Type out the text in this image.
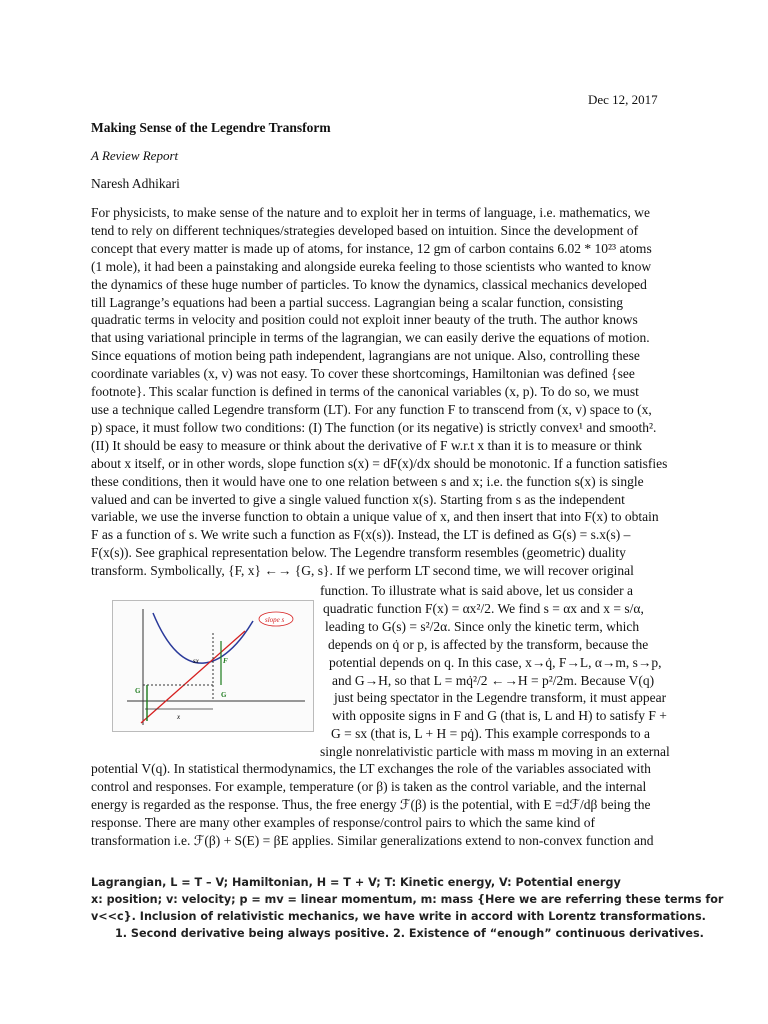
Dec 12, 2017
Making Sense of the Legendre Transform
A Review Report
Naresh Adhikari

For physicists, to make sense of the nature and to exploit her in terms of language, i.e. mathematics, we

tend to rely on different techniques/strategies developed based on intuition. Since the development of

concept that every matter is made up of atoms, for instance, 12 gm of carbon contains 6.02 * 10²³ atoms

(1 mole), it had been a painstaking and alongside eureka feeling to those scientists who wanted to know

the dynamics of these huge number of particles. To know the dynamics, classical mechanics developed

till Lagrange’s equations had been a partial success. Lagrangian being a scalar function, consisting

quadratic terms in velocity and position could not exploit inner beauty of the truth. The author knows

that using variational principle in terms of the lagrangian, we can easily derive the equations of motion.

Since equations of motion being path independent, lagrangians are not unique. Also, controlling these

coordinate variables (x, v) was not easy. To cover these shortcomings, Hamiltonian was defined {see

footnote}. This scalar function is defined in terms of the canonical variables (x, p). To do so, we must

use a technique called Legendre transform (LT). For any function F to transcend from (x, v) space to (x,

p) space, it must follow two conditions: (I) The function (or its negative) is strictly convex¹ and smooth².

(II) It should be easy to measure or think about the derivative of F w.r.t x than it is to measure or think

about x itself, or in other words, slope function s(x) = dF(x)/dx should be monotonic. If a function satisfies

these conditions, then it would have one to one relation between s and x; i.e. the function s(x) is single

valued and can be inverted to give a single valued function x(s). Starting from s as the independent

variable, we use the inverse function to obtain a unique value of x, and then insert that into F(x) to obtain

F as a function of s. We write such a function as F(x(s)). Instead, the LT is defined as G(s) = s.x(s) –

F(x(s)). See graphical representation below. The Legendre transform resembles (geometric) duality

transform. Symbolically, {F, x} ←→ {G, s}. If we perform LT second time, we will recover original

function. To illustrate what is said above, let us consider a

quadratic function F(x) = αx²/2. We find s = αx and x = s/α,

leading to G(s) = s²/2α. Since only the kinetic term, which

depends on q̇ or p, is affected by the transform, because the

potential depends on q. In this case, x→q̇, F→L, α→m, s→p,

and G→H, so that L = mq̇²/2 ←→H = p²/2m. Because V(q)

just being spectator in the Legendre transform, it must appear

with opposite signs in F and G (that is, L and H) to satisfy F +

G = sx (that is, L + H = pq̇). This example corresponds to a

single nonrelativistic particle with mass m moving in an external

potential V(q). In statistical thermodynamics, the LT exchanges the role of the variables associated with

control and responses. For example, temperature (or β) is taken as the control variable, and the internal

energy is regarded as the response. Thus, the free energy ℱ(β) is the potential, with E =dℱ/dβ being the

response. There are many other examples of response/control pairs to which the same kind of

transformation i.e. ℱ(β) + S(E) = βE applies. Similar generalizations extend to non-convex function and

slope s
sx	F
G	G
x

Lagrangian, L = T – V; Hamiltonian, H = T + V; T: Kinetic energy, V: Potential energy

x: position; v: velocity; p = mv = linear momentum, m: mass {Here we are referring these terms for

v<<c}. Inclusion of relativistic mechanics, we have write in accord with Lorentz transformations.

1. Second derivative being always positive. 2. Existence of “enough” continuous derivatives.
